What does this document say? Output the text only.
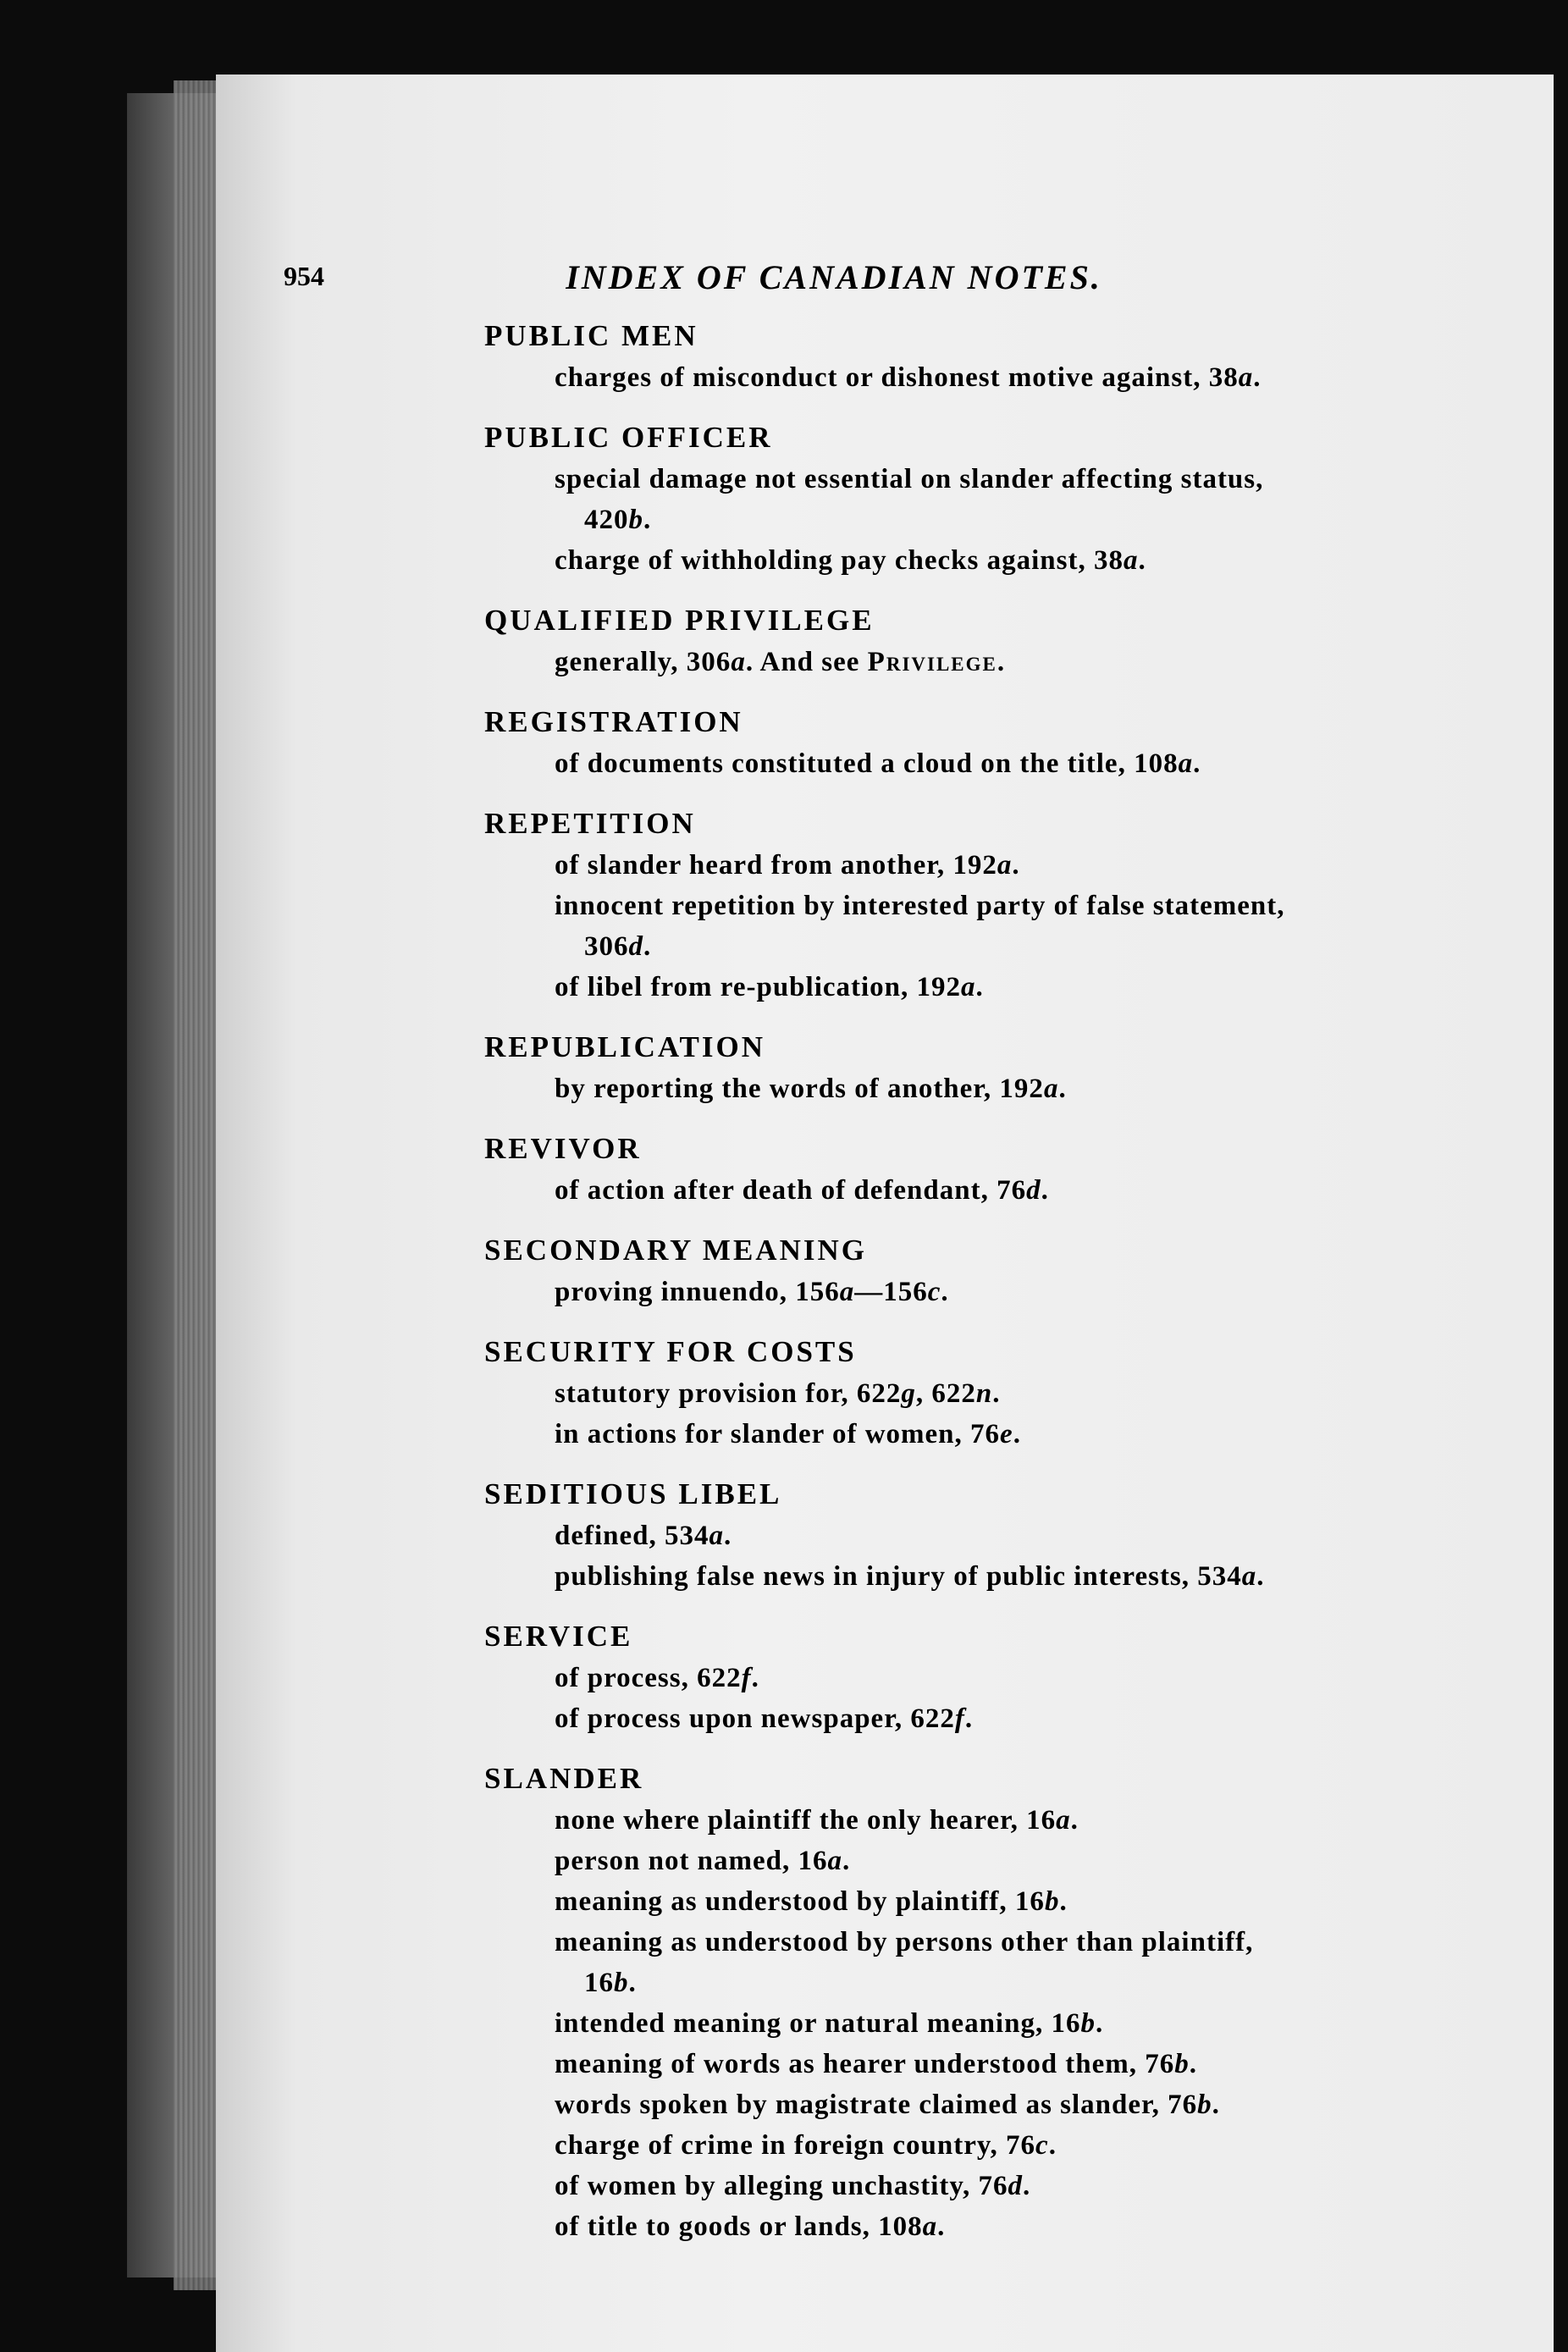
954	INDEX OF CANADIAN NOTES.
PUBLIC MEN
charges of misconduct or dishonest motive against, 38a.
PUBLIC OFFICER
special damage not essential on slander affecting status,
420b.
charge of withholding pay checks against, 38a.
QUALIFIED PRIVILEGE
generally, 306a. And see Privilege.
REGISTRATION
of documents constituted a cloud on the title, 108a.
REPETITION
of slander heard from another, 192a.
innocent repetition by interested party of false statement,
306d.
of libel from re-publication, 192a.
REPUBLICATION
by reporting the words of another, 192a.
REVIVOR
of action after death of defendant, 76d.
SECONDARY MEANING
proving innuendo, 156a—156c.
SECURITY FOR COSTS
statutory provision for, 622g, 622n.
in actions for slander of women, 76e.
SEDITIOUS LIBEL
defined, 534a.
publishing false news in injury of public interests, 534a.
SERVICE
of process, 622f.
of process upon newspaper, 622f.
SLANDER
none where plaintiff the only hearer, 16a.
person not named, 16a.
meaning as understood by plaintiff, 16b.
meaning as understood by persons other than plaintiff,
16b.
intended meaning or natural meaning, 16b.
meaning of words as hearer understood them, 76b.
words spoken by magistrate claimed as slander, 76b.
charge of crime in foreign country, 76c.
of women by alleging unchastity, 76d.
of title to goods or lands, 108a.
